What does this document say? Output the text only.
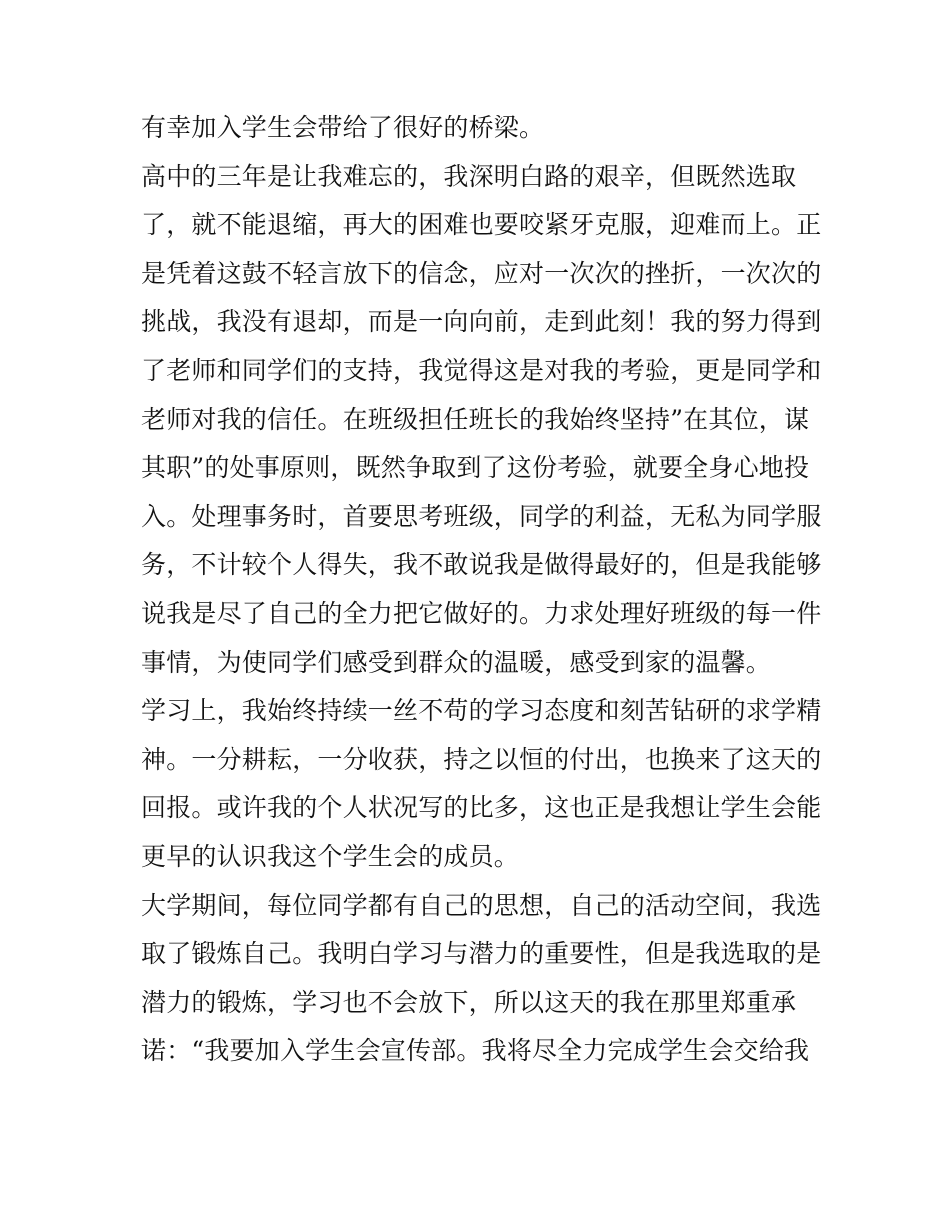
有幸加入学生会带给了很好的桥梁。
高中的三年是让我难忘的，我深明白路的艰辛，但既然选取
了，就不能退缩，再大的困难也要咬紧牙克服，迎难而上。正
是凭着这鼓不轻言放下的信念，应对一次次的挫折，一次次的
挑战，我没有退却，而是一向向前，走到此刻！我的努力得到
了老师和同学们的支持，我觉得这是对我的考验，更是同学和
老师对我的信任。在班级担任班长的我始终坚持”在其位，谋
其职”的处事原则，既然争取到了这份考验，就要全身心地投
入。处理事务时，首要思考班级，同学的利益，无私为同学服
务，不计较个人得失，我不敢说我是做得最好的，但是我能够
说我是尽了自己的全力把它做好的。力求处理好班级的每一件
事情，为使同学们感受到群众的温暖，感受到家的温馨。
学习上，我始终持续一丝不苟的学习态度和刻苦钻研的求学精
神。一分耕耘，一分收获，持之以恒的付出，也换来了这天的
回报。或许我的个人状况写的比多，这也正是我想让学生会能
更早的认识我这个学生会的成员。
大学期间，每位同学都有自己的思想，自己的活动空间，我选
取了锻炼自己。我明白学习与潜力的重要性，但是我选取的是
潜力的锻炼，学习也不会放下，所以这天的我在那里郑重承
诺：“我要加入学生会宣传部。我将尽全力完成学生会交给我
